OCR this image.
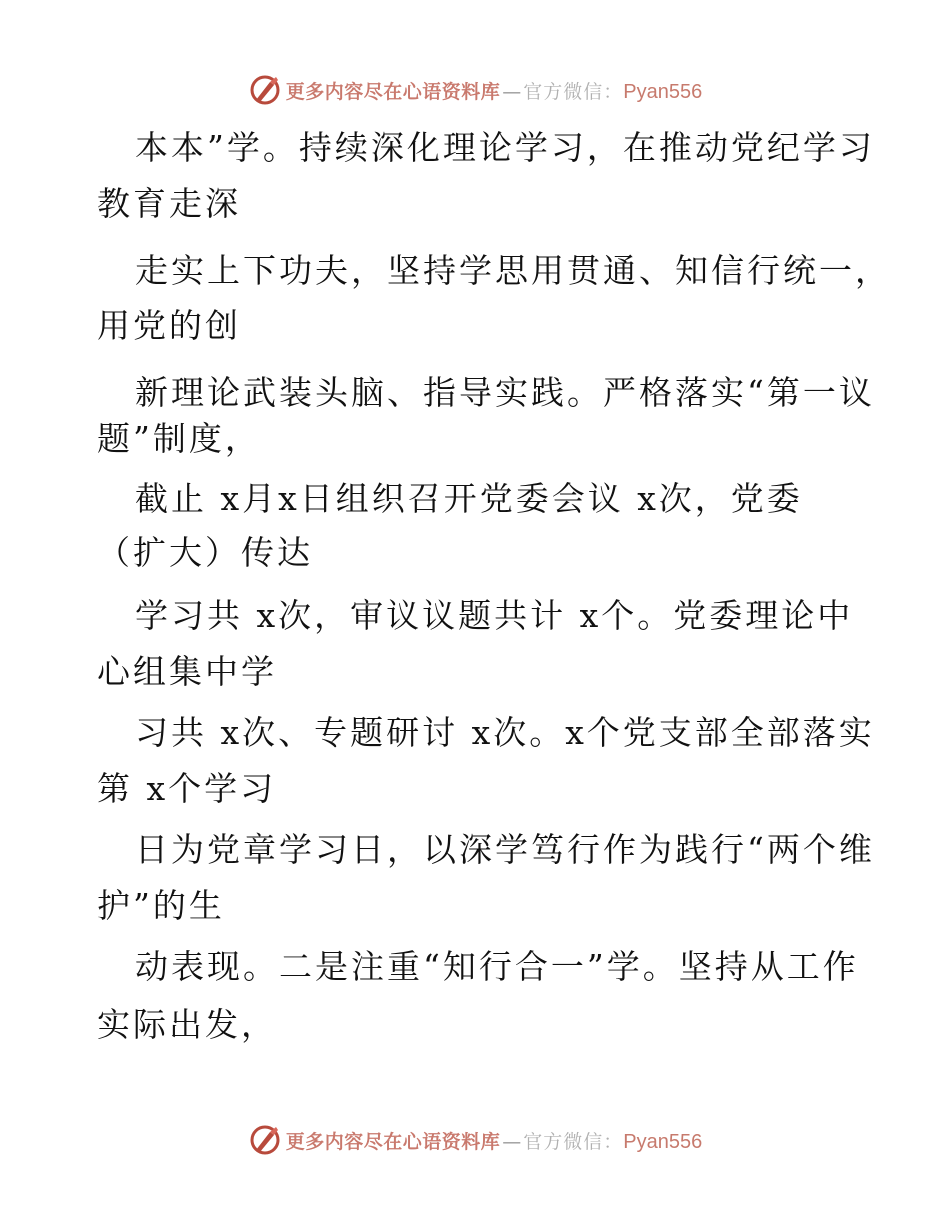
更多内容尽在心语资料库 — 官方微信： Pyan556
本本”学。持续深化理论学习，在推动党纪学习
教育走深
走实上下功夫，坚持学思用贯通、知信行统一，
用党的创
新理论武装头脑、指导实践。严格落实“第一议
题”制度，
截止 x月x日组织召开党委会议 x次，党委
（扩大）传达
学习共 x次，审议议题共计 x个。党委理论中
心组集中学
习共 x次、专题研讨 x次。x个党支部全部落实
第 x个学习
日为党章学习日，以深学笃行作为践行“两个维
护”的生
动表现。二是注重“知行合一”学。坚持从工作
实际出发，
更多内容尽在心语资料库 — 官方微信： Pyan556
